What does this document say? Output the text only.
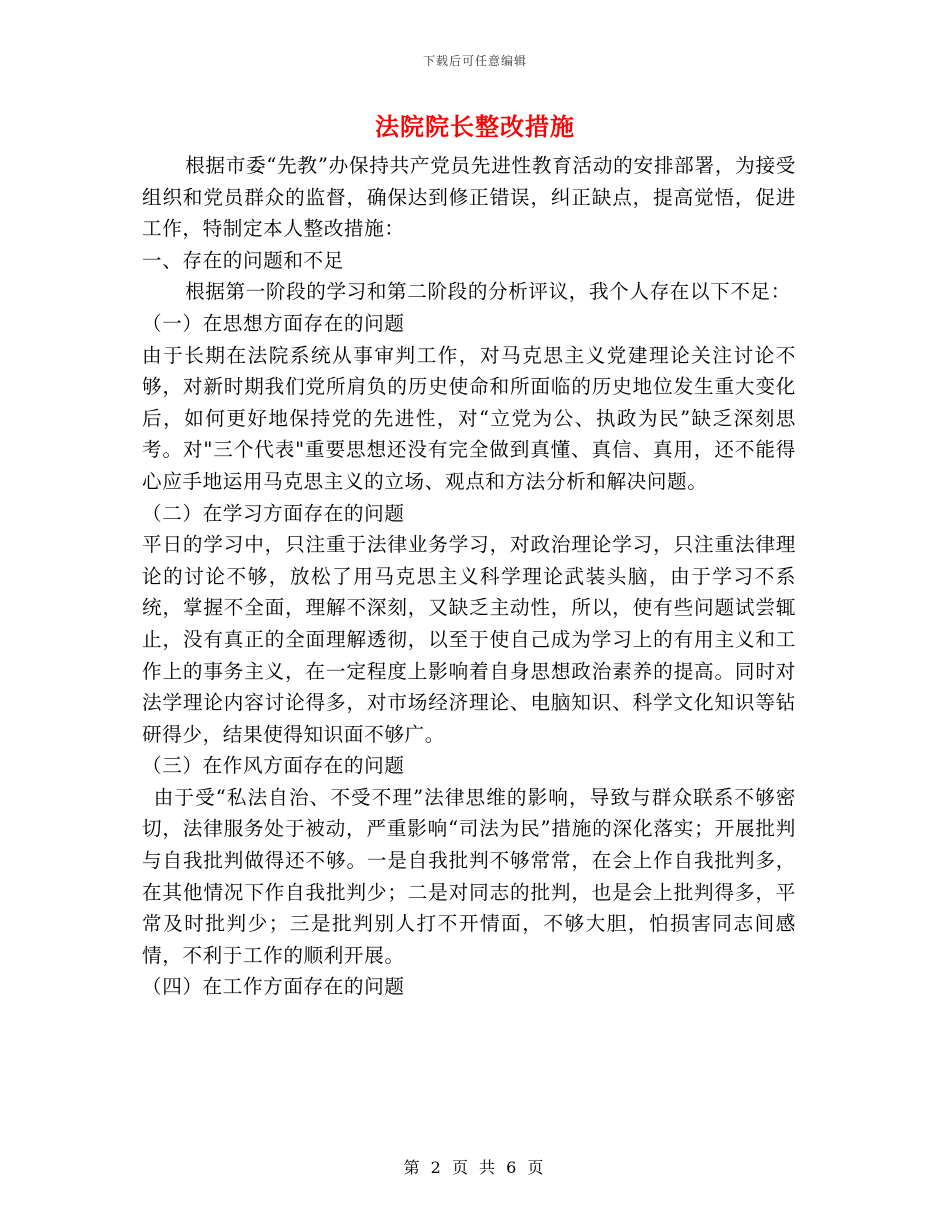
下载后可任意编辑
法院院长整改措施

根据市委“先教”办保持共产党员先进性教育活动的安排部署，为接受组织和党员群众的监督，确保达到修正错误，纠正缺点，提高觉悟，促进工作，特制定本人整改措施：

一、存在的问题和不足

根据第一阶段的学习和第二阶段的分析评议，我个人存在以下不足：

（一）在思想方面存在的问题

由于长期在法院系统从事审判工作，对马克思主义党建理论关注讨论不够，对新时期我们党所肩负的历史使命和所面临的历史地位发生重大变化后，如何更好地保持党的先进性，对“立党为公、执政为民”缺乏深刻思考。对"三个代表"重要思想还没有完全做到真懂、真信、真用，还不能得心应手地运用马克思主义的立场、观点和方法分析和解决问题。

（二）在学习方面存在的问题

平日的学习中，只注重于法律业务学习，对政治理论学习，只注重法律理论的讨论不够，放松了用马克思主义科学理论武装头脑，由于学习不系统，掌握不全面，理解不深刻，又缺乏主动性，所以，使有些问题试尝辄止，没有真正的全面理解透彻，以至于使自己成为学习上的有用主义和工作上的事务主义，在一定程度上影响着自身思想政治素养的提高。同时对法学理论内容讨论得多，对市场经济理论、电脑知识、科学文化知识等钻研得少，结果使得知识面不够广。

（三）在作风方面存在的问题

由于受“私法自治、不受不理”法律思维的影响，导致与群众联系不够密切，法律服务处于被动，严重影响“司法为民”措施的深化落实；开展批判与自我批判做得还不够。一是自我批判不够常常，在会上作自我批判多，在其他情况下作自我批判少；二是对同志的批判，也是会上批判得多，平常及时批判少；三是批判别人打不开情面，不够大胆，怕损害同志间感情，不利于工作的顺利开展。

（四）在工作方面存在的问题

第 2 页 共 6 页
